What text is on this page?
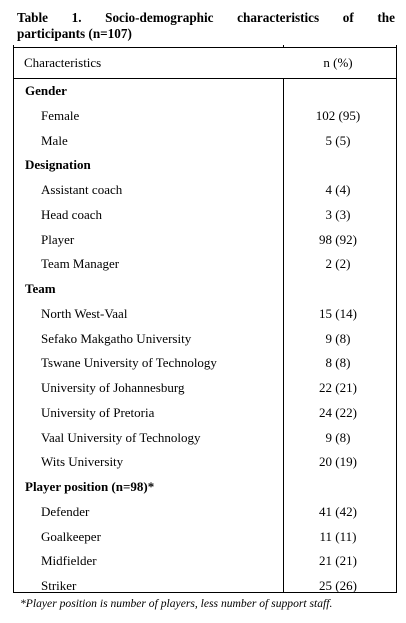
Table 1. Socio-demographic characteristics of the
participants (n=107)
Characteristics	n (%)
Gender
Female	102 (95)
Male	5 (5)
Designation
Assistant coach	4 (4)
Head coach	3 (3)
Player	98 (92)
Team Manager	2 (2)
Team
North West-Vaal	15 (14)
Sefako Makgatho University	9 (8)
Tswane University of Technology	8 (8)
University of Johannesburg	22 (21)
University of Pretoria	24 (22)
Vaal University of Technology	9 (8)
Wits University	20 (19)
Player position (n=98)*
Defender	41 (42)
Goalkeeper	11 (11)
Midfielder	21 (21)
Striker	25 (26)
*Player position is number of players, less number of support staff.
